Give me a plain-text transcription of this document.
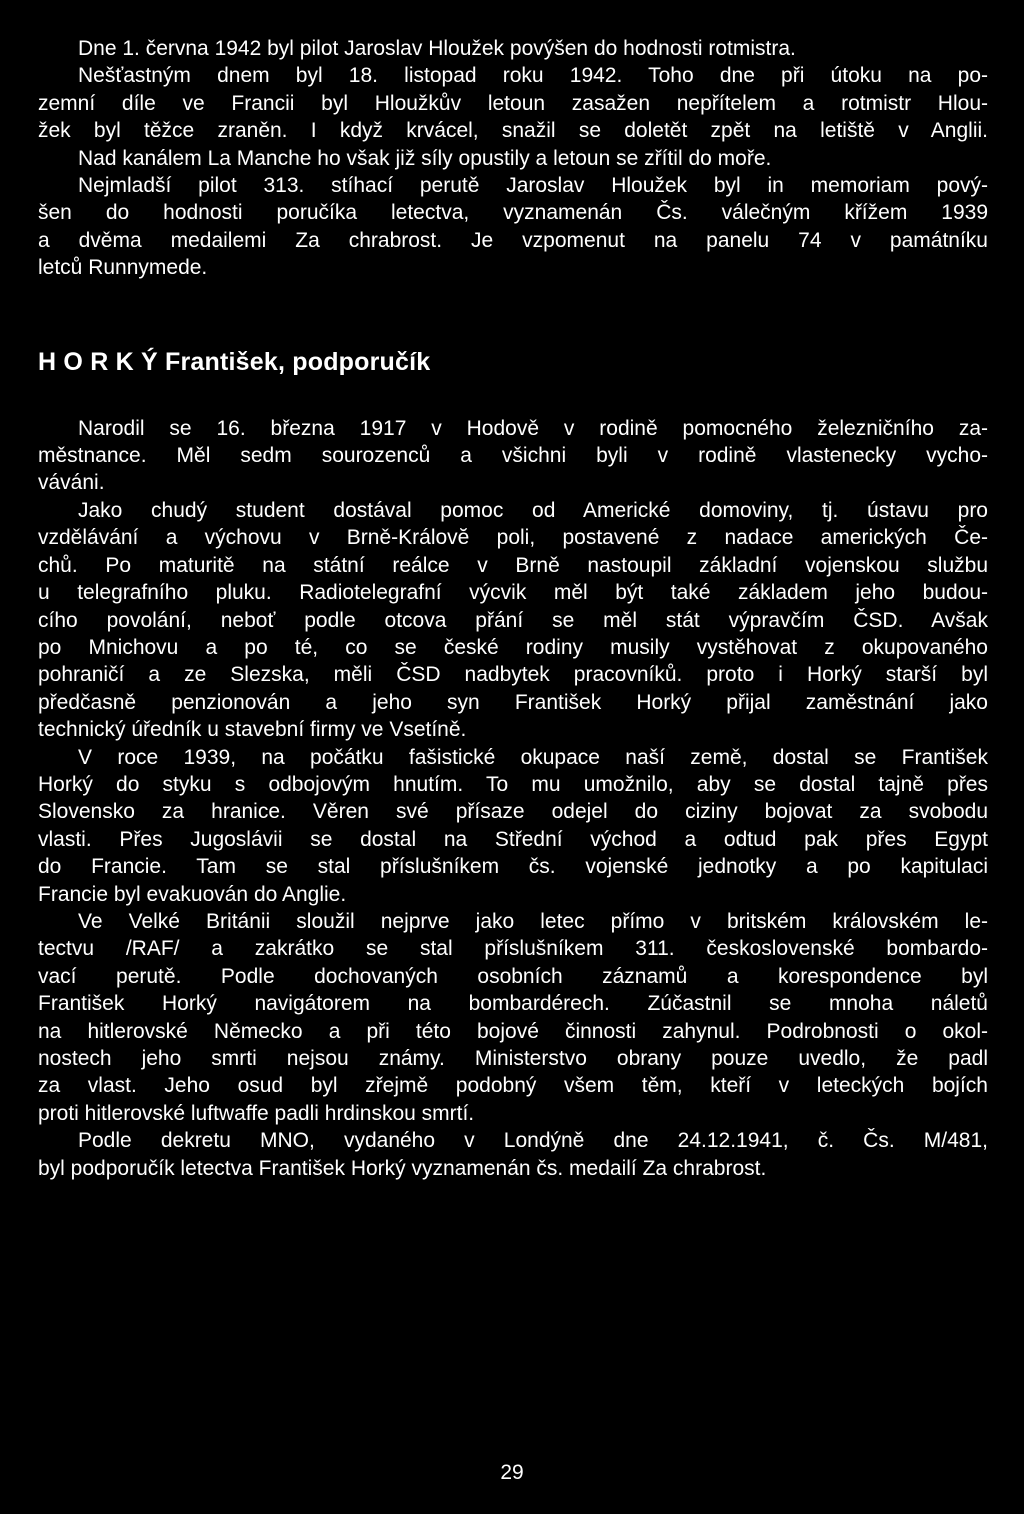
Dne 1. června 1942 byl pilot Jaroslav Hloužek povýšen do hodnosti rotmistra.

Nešťastným dnem byl 18. listopad roku 1942. Toho dne při útoku na po-

zemní díle ve Francii byl Hloužkův letoun zasažen nepřítelem a rotmistr Hlou-

žek byl těžce zraněn. I když krvácel, snažil se doletět zpět na letiště v Anglii.

Nad kanálem La Manche ho však již síly opustily a letoun se zřítil do moře.

Nejmladší pilot 313. stíhací perutě Jaroslav Hloužek byl in memoriam pový-

šen do hodnosti poručíka letectva, vyznamenán Čs. válečným křížem 1939

a dvěma medailemi Za chrabrost. Je vzpomenut na panelu 74 v památníku

letců Runnymede.

H O R K Ý František, podporučík

Narodil se 16. března 1917 v Hodově v rodině pomocného železničního za-

městnance. Měl sedm sourozenců a všichni byli v rodině vlastenecky vycho-

váváni.

Jako chudý student dostával pomoc od Americké domoviny, tj. ústavu pro

vzdělávání a výchovu v Brně-Královĕ poli, postavené z nadace amerických Če-

chů. Po maturitě na státní reálce v Brně nastoupil základní vojenskou službu

u telegrafního pluku. Radiotelegrafní výcvik měl být také základem jeho budou-

cího povolání, neboť podle otcova přání se měl stát výpravčím ČSD. Avšak

po Mnichovu a po té, co se české rodiny musily vystěhovat z okupovaného

pohraničí a ze Slezska, měli ČSD nadbytek pracovníků. proto i Horký starší byl

předčasně penzionován a jeho syn František Horký přijal zaměstnání jako

technický úředník u stavební firmy ve Vsetíně.

V roce 1939, na počátku fašistické okupace naší země, dostal se František

Horký do styku s odbojovým hnutím. To mu umožnilo, aby se dostal tajně přes

Slovensko za hranice. Věren své přísaze odejel do ciziny bojovat za svobodu

vlasti. Přes Jugoslávii se dostal na Střední východ a odtud pak přes Egypt

do Francie. Tam se stal příslušníkem čs. vojenské jednotky a po kapitulaci

Francie byl evakuován do Anglie.

Ve Velké Británii sloužil nejprve jako letec přímo v britském královském le-

tectvu /RAF/ a zakrátko se stal příslušníkem 311. československé bombardo-

vací perutě. Podle dochovaných osobních záznamů a korespondence byl

František Horký navigátorem na bombardérech. Zúčastnil se mnoha náletů

na hitlerovské Německo a při této bojové činnosti zahynul. Podrobnosti o okol-

nostech jeho smrti nejsou známy. Ministerstvo obrany pouze uvedlo, že padl

za vlast. Jeho osud byl zřejmě podobný všem těm, kteří v leteckých bojích

proti hitlerovské luftwaffe padli hrdinskou smrtí.

Podle dekretu MNO, vydaného v Londýně dne 24.12.1941, č. Čs. M/481,

byl podporučík letectva František Horký vyznamenán čs. medailí Za chrabrost.

29
